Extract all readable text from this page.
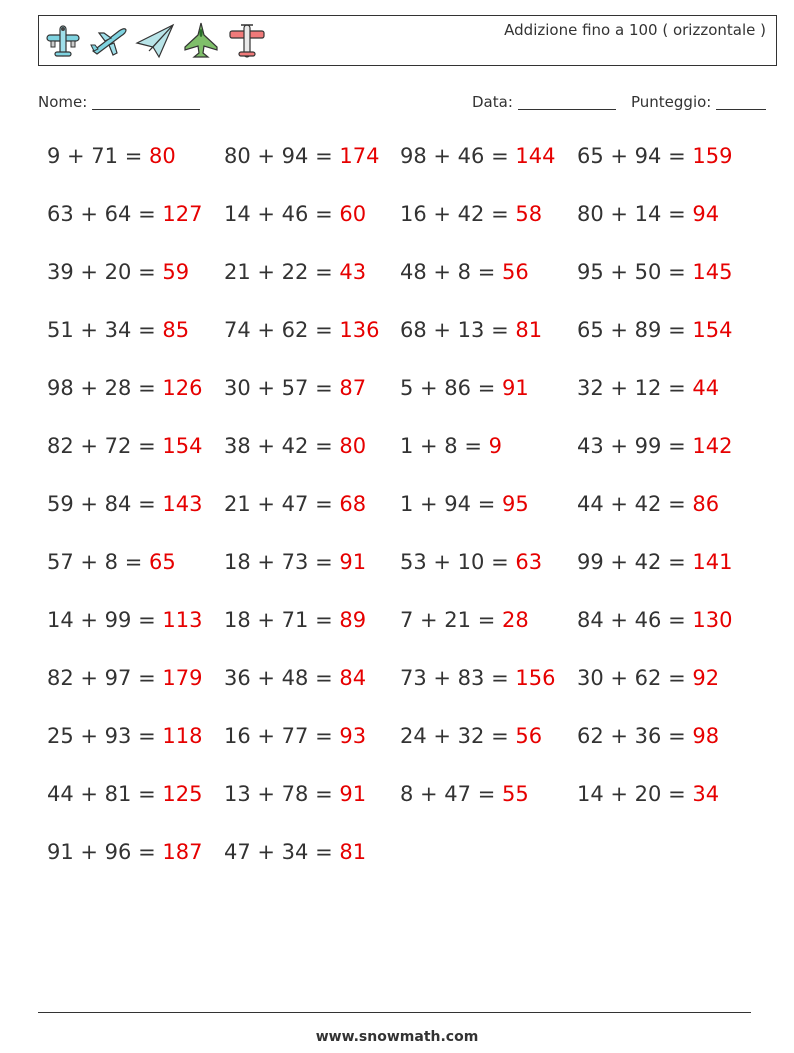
Addizione fino a 100 ( orizzontale )
Nome:	Data:	Punteggio:
9 + 71 = 80 80 + 94 = 174 98 + 46 = 144 65 + 94 = 159
63 + 64 = 127 14 + 46 = 60 16 + 42 = 58 80 + 14 = 94
39 + 20 = 59 21 + 22 = 43 48 + 8 = 56 95 + 50 = 145
51 + 34 = 85 74 + 62 = 136 68 + 13 = 81 65 + 89 = 154
98 + 28 = 126 30 + 57 = 87 5 + 86 = 91 32 + 12 = 44
82 + 72 = 154 38 + 42 = 80 1 + 8 = 9	43 + 99 = 142
59 + 84 = 143 21 + 47 = 68 1 + 94 = 95 44 + 42 = 86
57 + 8 = 65 18 + 73 = 91 53 + 10 = 63 99 + 42 = 141
14 + 99 = 113 18 + 71 = 89 7 + 21 = 28 84 + 46 = 130
82 + 97 = 179 36 + 48 = 84 73 + 83 = 156 30 + 62 = 92
25 + 93 = 118 16 + 77 = 93 24 + 32 = 56 62 + 36 = 98
44 + 81 = 125 13 + 78 = 91 8 + 47 = 55 14 + 20 = 34
91 + 96 = 187 47 + 34 = 81
www.snowmath.com
